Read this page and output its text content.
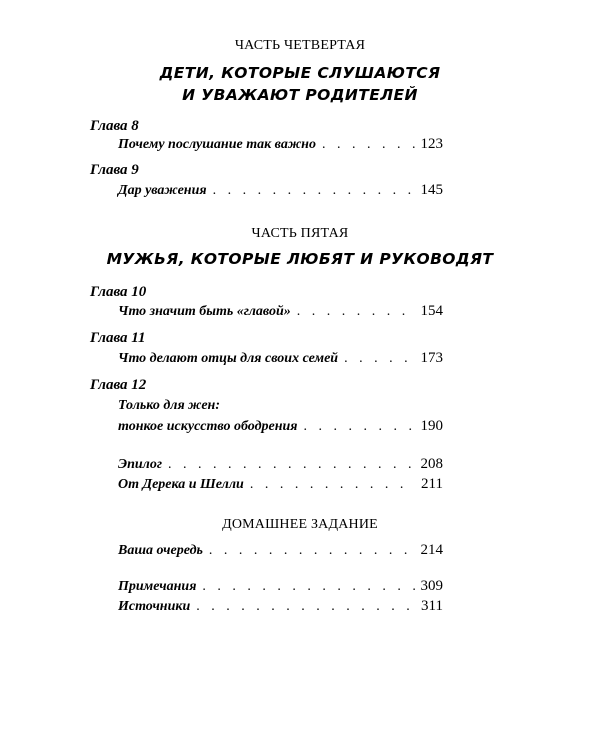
ЧАСТЬ ЧЕТВЕРТАЯ
ДЕТИ, КОТОРЫЕ СЛУШАЮТСЯ
И УВАЖАЮТ РОДИТЕЛЕЙ
Глава 8
Почему послушание так важно . . .	123
Глава 9
Дар уважения . . .	145
ЧАСТЬ ПЯТАЯ
МУЖЬЯ, КОТОРЫЕ ЛЮБЯТ И РУКОВОДЯТ
Глава 10
Что значит быть «главой» . . .	154
Глава 11
Что делают отцы для своих семей . . .	173
Глава 12
Только для жен:
тонкое искусство ободрения . . .	190
Эпилог . . .	208
От Дерека и Шелли . . .	211
ДОМАШНЕЕ ЗАДАНИЕ
Ваша очередь . . .	214
Примечания . . .	309
Источники . . .	311
